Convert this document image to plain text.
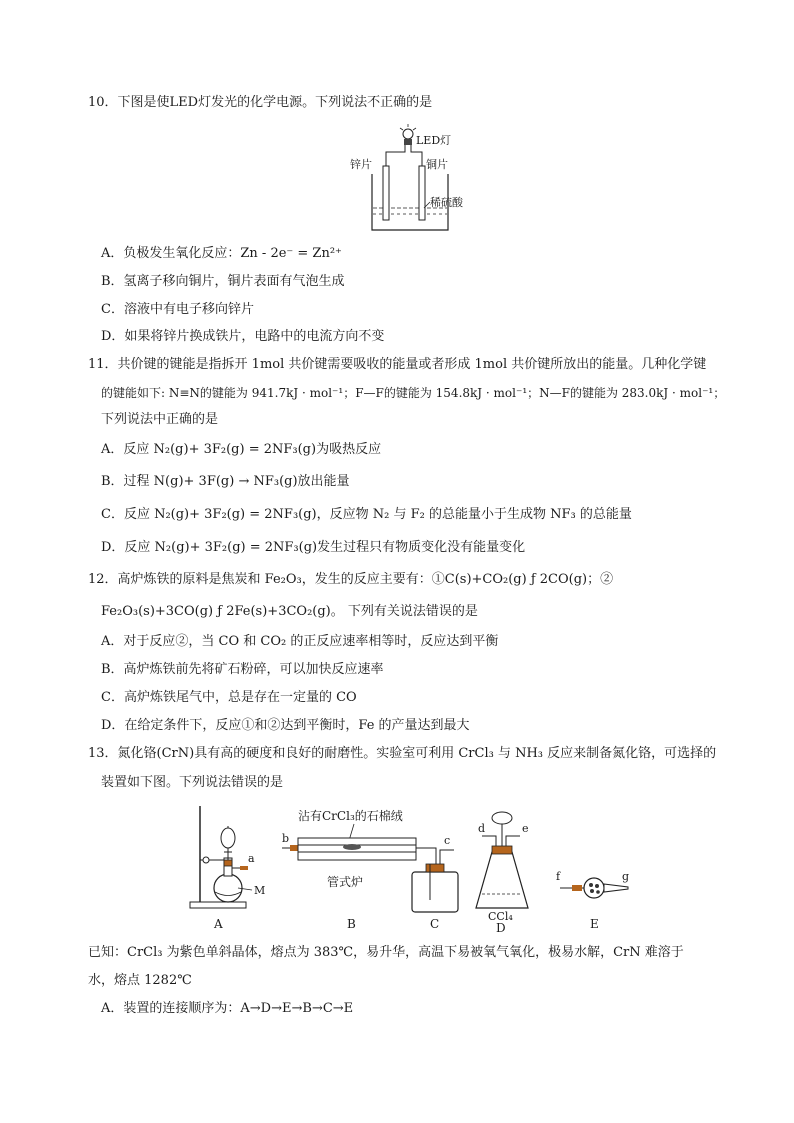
10．下图是使LED灯发光的化学电源。下列说法不正确的是
LED灯
锌片	铜片
稀硫酸
A．负极发生氧化反应：Zn - 2e⁻ = Zn²⁺
B．氢离子移向铜片，铜片表面有气泡生成
C．溶液中有电子移向锌片
D．如果将锌片换成铁片，电路中的电流方向不变
11．共价键的键能是指拆开 1mol 共价键需要吸收的能量或者形成 1mol 共价键所放出的能量。几种化学键
的键能如下: N≡N的键能为 941.7kJ · mol⁻¹；F—F的键能为 154.8kJ · mol⁻¹；N—F的键能为 283.0kJ · mol⁻¹；
下列说法中正确的是
A．反应 N₂(g)+ 3F₂(g) = 2NF₃(g)为吸热反应
B．过程 N(g)+ 3F(g) → NF₃(g)放出能量
C．反应 N₂(g)+ 3F₂(g) = 2NF₃(g)，反应物 N₂ 与 F₂ 的总能量小于生成物 NF₃ 的总能量
D．反应 N₂(g)+ 3F₂(g) = 2NF₃(g)发生过程只有物质变化没有能量变化
12．高炉炼铁的原料是焦炭和 Fe₂O₃，发生的反应主要有：①C(s)+CO₂(g) ƒ 2CO(g)；②
Fe₂O₃(s)+3CO(g) ƒ 2Fe(s)+3CO₂(g)。 下列有关说法错误的是
A．对于反应②，当 CO 和 CO₂ 的正反应速率相等时，反应达到平衡
B．高炉炼铁前先将矿石粉碎，可以加快反应速率
C．高炉炼铁尾气中，总是存在一定量的 CO
D．在给定条件下，反应①和②达到平衡时，Fe 的产量达到最大
13．氮化铬(CrN)具有高的硬度和良好的耐磨性。实验室可利用 CrCl₃ 与 NH₃ 反应来制备氮化铬，可选择的
装置如下图。下列说法错误的是
a
M
A
沾有CrCl₃的石棉绒
b
管式炉
B
c
C
d	e
CCl₄
D
f	g
E
已知：CrCl₃ 为紫色单斜晶体，熔点为 383℃，易升华，高温下易被氧气氧化，极易水解，CrN 难溶于
水，熔点 1282℃
A．装置的连接顺序为：A→D→E→B→C→E
